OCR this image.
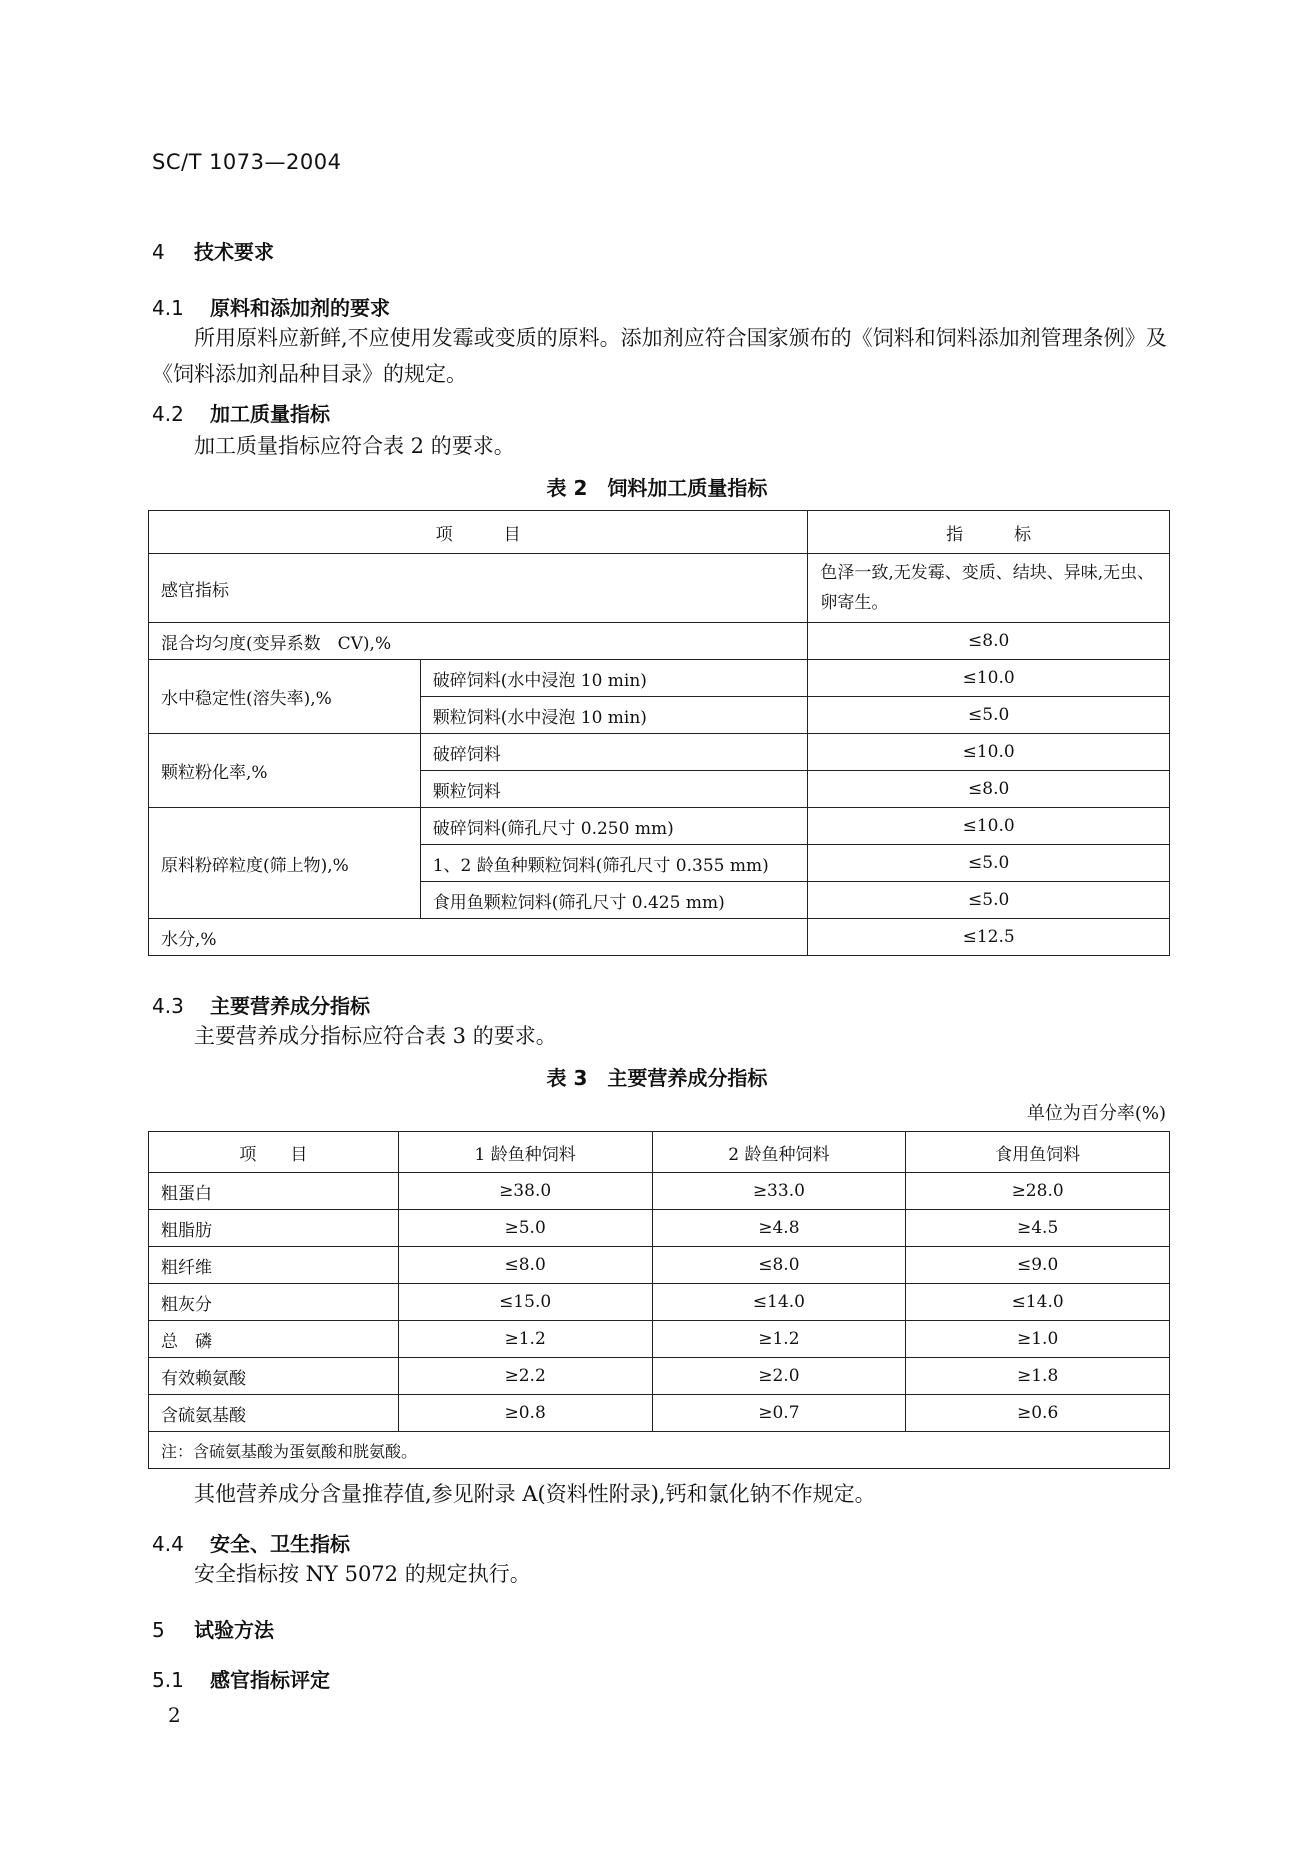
SC/T 1073—2004
4 技术要求
4.1 原料和添加剂的要求
所用原料应新鲜,不应使用发霉或变质的原料。添加剂应符合国家颁布的《饲料和饲料添加剂管理条例》及《饲料添加剂品种目录》的规定。
4.2 加工质量指标
加工质量指标应符合表 2 的要求。
表 2　饲料加工质量指标
项　　　目		指　　　标
感官指标		色泽一致,无发霉、变质、结块、异味,无虫、卵寄生。
混合均匀度(变异系数　CV),%		≤8.0
水中稳定性(溶失率),%	破碎饲料(水中浸泡 10 min)	≤10.0
	颗粒饲料(水中浸泡 10 min)	≤5.0
颗粒粉化率,%	破碎饲料	≤10.0
	颗粒饲料	≤8.0
原料粉碎粒度(筛上物),%	破碎饲料(筛孔尺寸 0.250 mm)	≤10.0
	1、2 龄鱼种颗粒饲料(筛孔尺寸 0.355 mm)	≤5.0
	食用鱼颗粒饲料(筛孔尺寸 0.425 mm)	≤5.0
水分,%		≤12.5
4.3 主要营养成分指标
主要营养成分指标应符合表 3 的要求。
表 3　主要营养成分指标
单位为百分率(%)
项　　目	1 龄鱼种饲料	2 龄鱼种饲料	食用鱼饲料
粗蛋白	≥38.0	≥33.0	≥28.0
粗脂肪	≥5.0	≥4.8	≥4.5
粗纤维	≤8.0	≤8.0	≤9.0
粗灰分	≤15.0	≤14.0	≤14.0
总　磷	≥1.2	≥1.2	≥1.0
有效赖氨酸	≥2.2	≥2.0	≥1.8
含硫氨基酸	≥0.8	≥0.7	≥0.6
注：含硫氨基酸为蛋氨酸和胱氨酸。			
其他营养成分含量推荐值,参见附录 A(资料性附录),钙和氯化钠不作规定。
4.4 安全、卫生指标
安全指标按 NY 5072 的规定执行。
5 试验方法
5.1 感官指标评定
2
